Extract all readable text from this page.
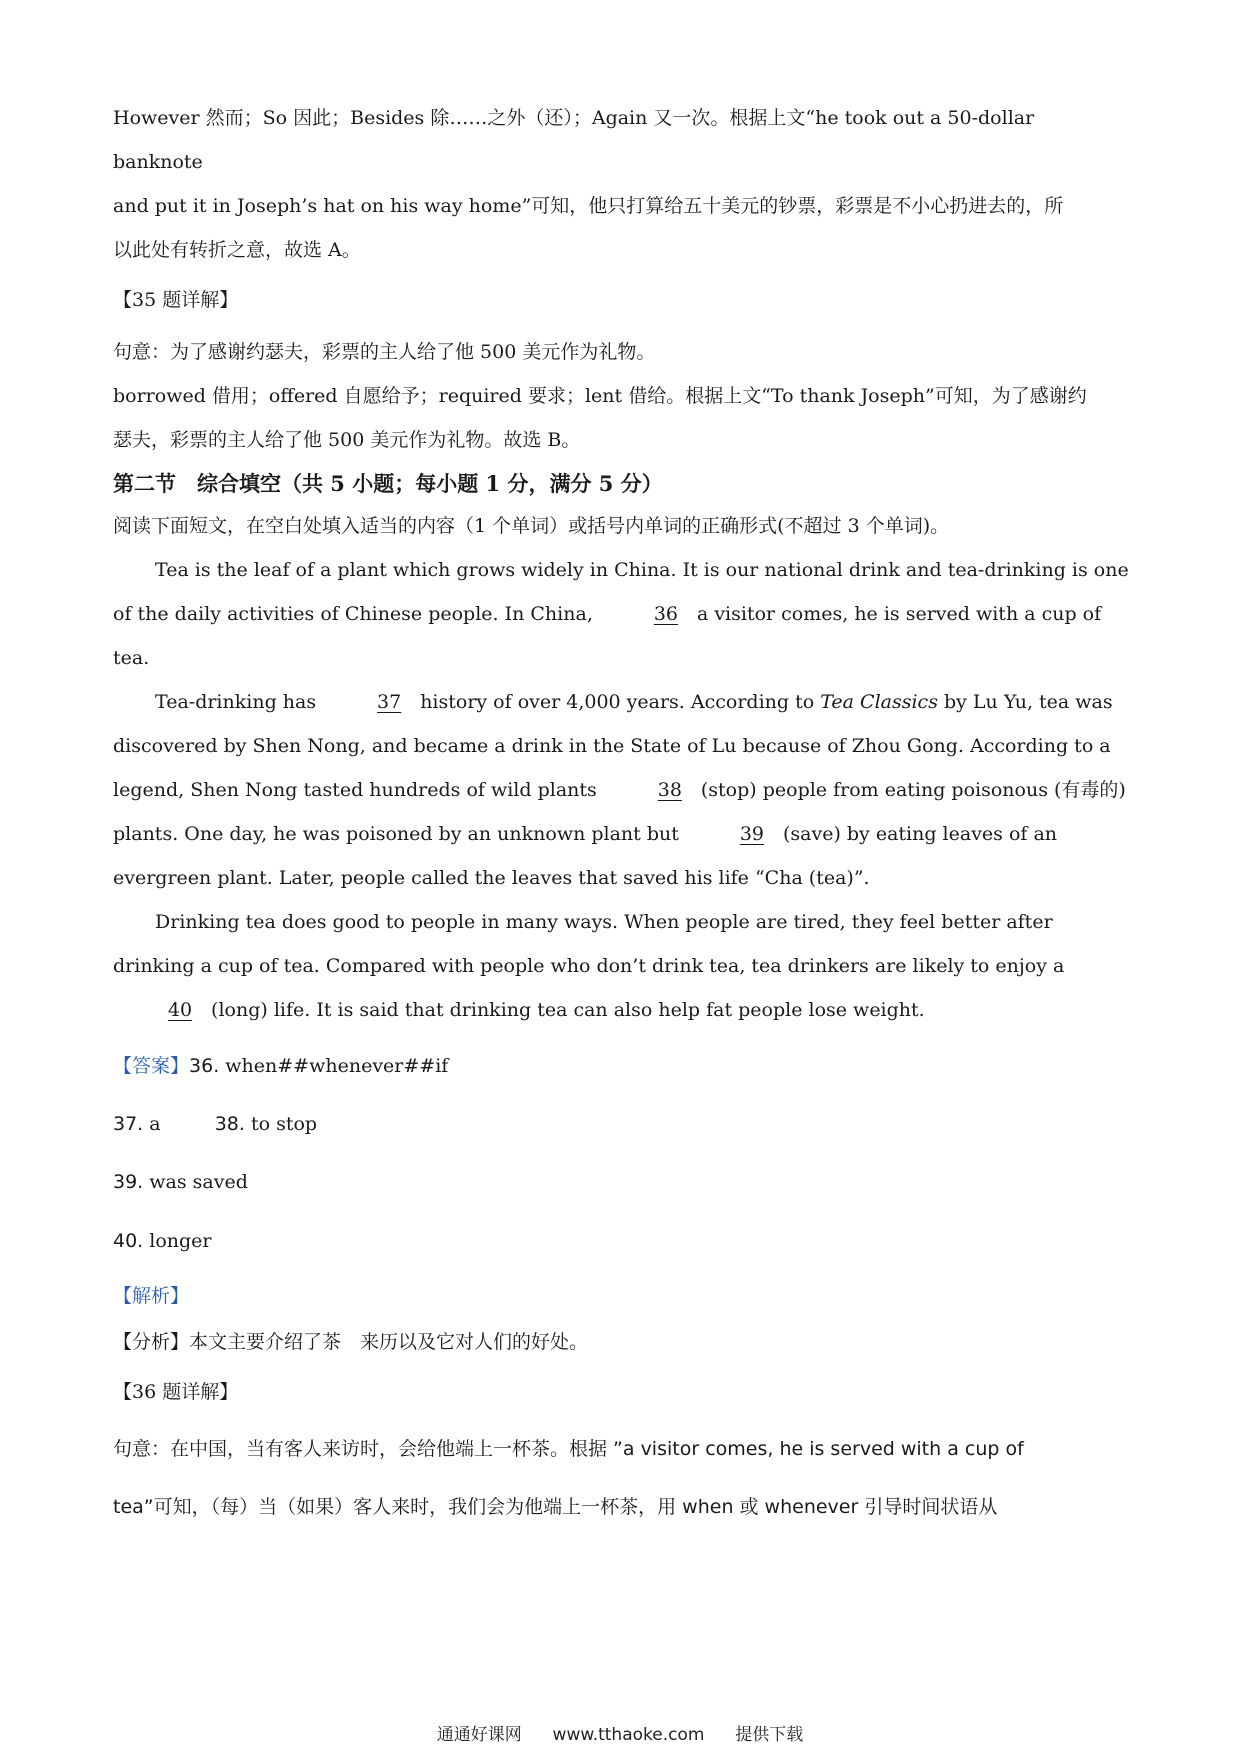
However 然而；So 因此；Besides 除……之外（还）；Again 又一次。根据上文“he took out a 50-dollar banknote

and put it in Joseph’s hat on his way home”可知，他只打算给五十美元的钞票，彩票是不小心扔进去的，所

以此处有转折之意，故选 A。

【35 题详解】

句意：为了感谢约瑟夫，彩票的主人给了他 500 美元作为礼物。

borrowed 借用；offered 自愿给予；required 要求；lent 借给。根据上文“To thank Joseph”可知，为了感谢约

瑟夫，彩票的主人给了他 500 美元作为礼物。故选 B。

第二节　综合填空（共 5 小题；每小题 1 分，满分 5 分）

阅读下面短文，在空白处填入适当的内容（1 个单词）或括号内单词的正确形式(不超过 3 个单词)。

Tea is the leaf of a plant which grows widely in China. It is our national drink and tea-drinking is one of the daily activities of Chinese people. In China,	36 a visitor comes, he is served with a cup of tea.

Tea-drinking has	37 history of over 4,000 years. According to Tea Classics by Lu Yu, tea was discovered by Shen Nong, and became a drink in the State of Lu because of Zhou Gong. According to a legend, Shen Nong tasted hundreds of wild plants	38 (stop) people from eating poisonous (有毒的) plants. One day, he was poisoned by an unknown plant but	39 (save) by eating leaves of an evergreen plant. Later, people called the leaves that saved his life “Cha (tea)”.

Drinking tea does good to people in many ways. When people are tired, they feel better after drinking a cup of tea. Compared with people who don’t drink tea, tea drinkers are likely to enjoy a 40 (long) life. It is said that drinking tea can also help fat people lose weight.

【答案】36. when##whenever##if

37. a	38. to stop

39. was saved

40. longer

【解析】

【分析】本文主要介绍了茶　来历以及它对人们的好处。

【36 题详解】

句意：在中国，当有客人来访时，会给他端上一杯茶。根据 ”a visitor comes, he is served with a cup of

tea”可知，（每）当（如果）客人来时，我们会为他端上一杯茶，用 when 或 whenever 引导时间状语从

通通好课网 www.tthaoke.com 提供下载
